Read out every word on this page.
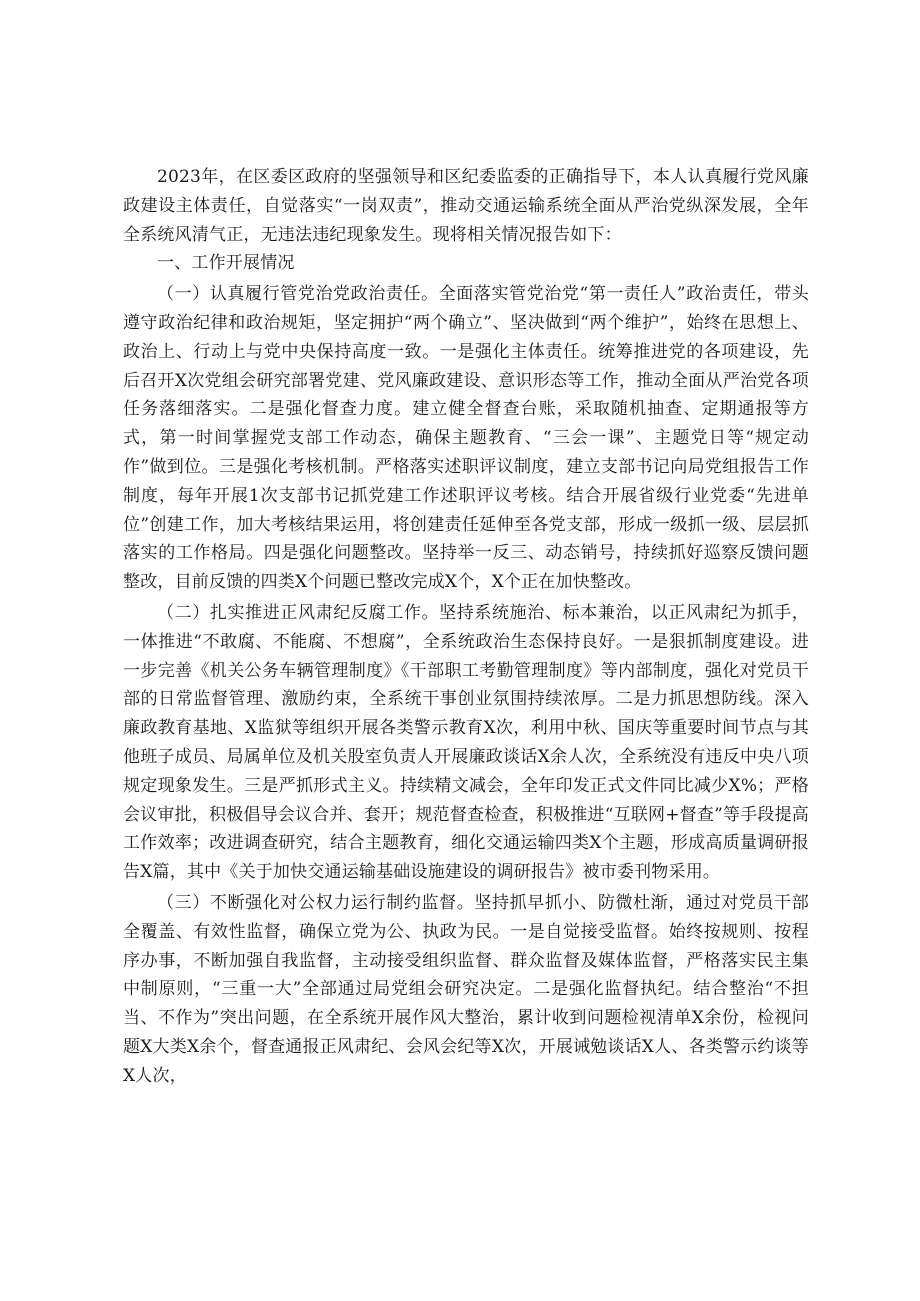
2023年，在区委区政府的坚强领导和区纪委监委的正确指导下，本人认真履行党风廉政建设主体责任，自觉落实“一岗双责”，推动交通运输系统全面从严治党纵深发展，全年全系统风清气正，无违法违纪现象发生。现将相关情况报告如下：

一、工作开展情况

（一）认真履行管党治党政治责任。全面落实管党治党“第一责任人”政治责任，带头遵守政治纪律和政治规矩，坚定拥护“两个确立”、坚决做到“两个维护”，始终在思想上、政治上、行动上与党中央保持高度一致。一是强化主体责任。统筹推进党的各项建设，先后召开X次党组会研究部署党建、党风廉政建设、意识形态等工作，推动全面从严治党各项任务落细落实。二是强化督查力度。建立健全督查台账，采取随机抽查、定期通报等方式，第一时间掌握党支部工作动态，确保主题教育、“三会一课”、主题党日等“规定动作”做到位。三是强化考核机制。严格落实述职评议制度，建立支部书记向局党组报告工作制度，每年开展1次支部书记抓党建工作述职评议考核。结合开展省级行业党委“先进单位”创建工作，加大考核结果运用，将创建责任延伸至各党支部，形成一级抓一级、层层抓落实的工作格局。四是强化问题整改。坚持举一反三、动态销号，持续抓好巡察反馈问题整改，目前反馈的四类X个问题已整改完成X个，X个正在加快整改。

（二）扎实推进正风肃纪反腐工作。坚持系统施治、标本兼治，以正风肃纪为抓手，一体推进“不敢腐、不能腐、不想腐”，全系统政治生态保持良好。一是狠抓制度建设。进一步完善《机关公务车辆管理制度》《干部职工考勤管理制度》等内部制度，强化对党员干部的日常监督管理、激励约束，全系统干事创业氛围持续浓厚。二是力抓思想防线。深入廉政教育基地、X监狱等组织开展各类警示教育X次，利用中秋、国庆等重要时间节点与其他班子成员、局属单位及机关股室负责人开展廉政谈话X余人次，全系统没有违反中央八项规定现象发生。三是严抓形式主义。持续精文减会，全年印发正式文件同比减少X%；严格会议审批，积极倡导会议合并、套开；规范督查检查，积极推进“互联网+督查”等手段提高工作效率；改进调查研究，结合主题教育，细化交通运输四类X个主题，形成高质量调研报告X篇，其中《关于加快交通运输基础设施建设的调研报告》被市委刊物采用。

（三）不断强化对公权力运行制约监督。坚持抓早抓小、防微杜渐，通过对党员干部全覆盖、有效性监督，确保立党为公、执政为民。一是自觉接受监督。始终按规则、按程序办事，不断加强自我监督，主动接受组织监督、群众监督及媒体监督，严格落实民主集中制原则，“三重一大”全部通过局党组会研究决定。二是强化监督执纪。结合整治“不担当、不作为”突出问题，在全系统开展作风大整治，累计收到问题检视清单X余份，检视问题X大类X余个，督查通报正风肃纪、会风会纪等X次，开展诫勉谈话X人、各类警示约谈等X人次，
